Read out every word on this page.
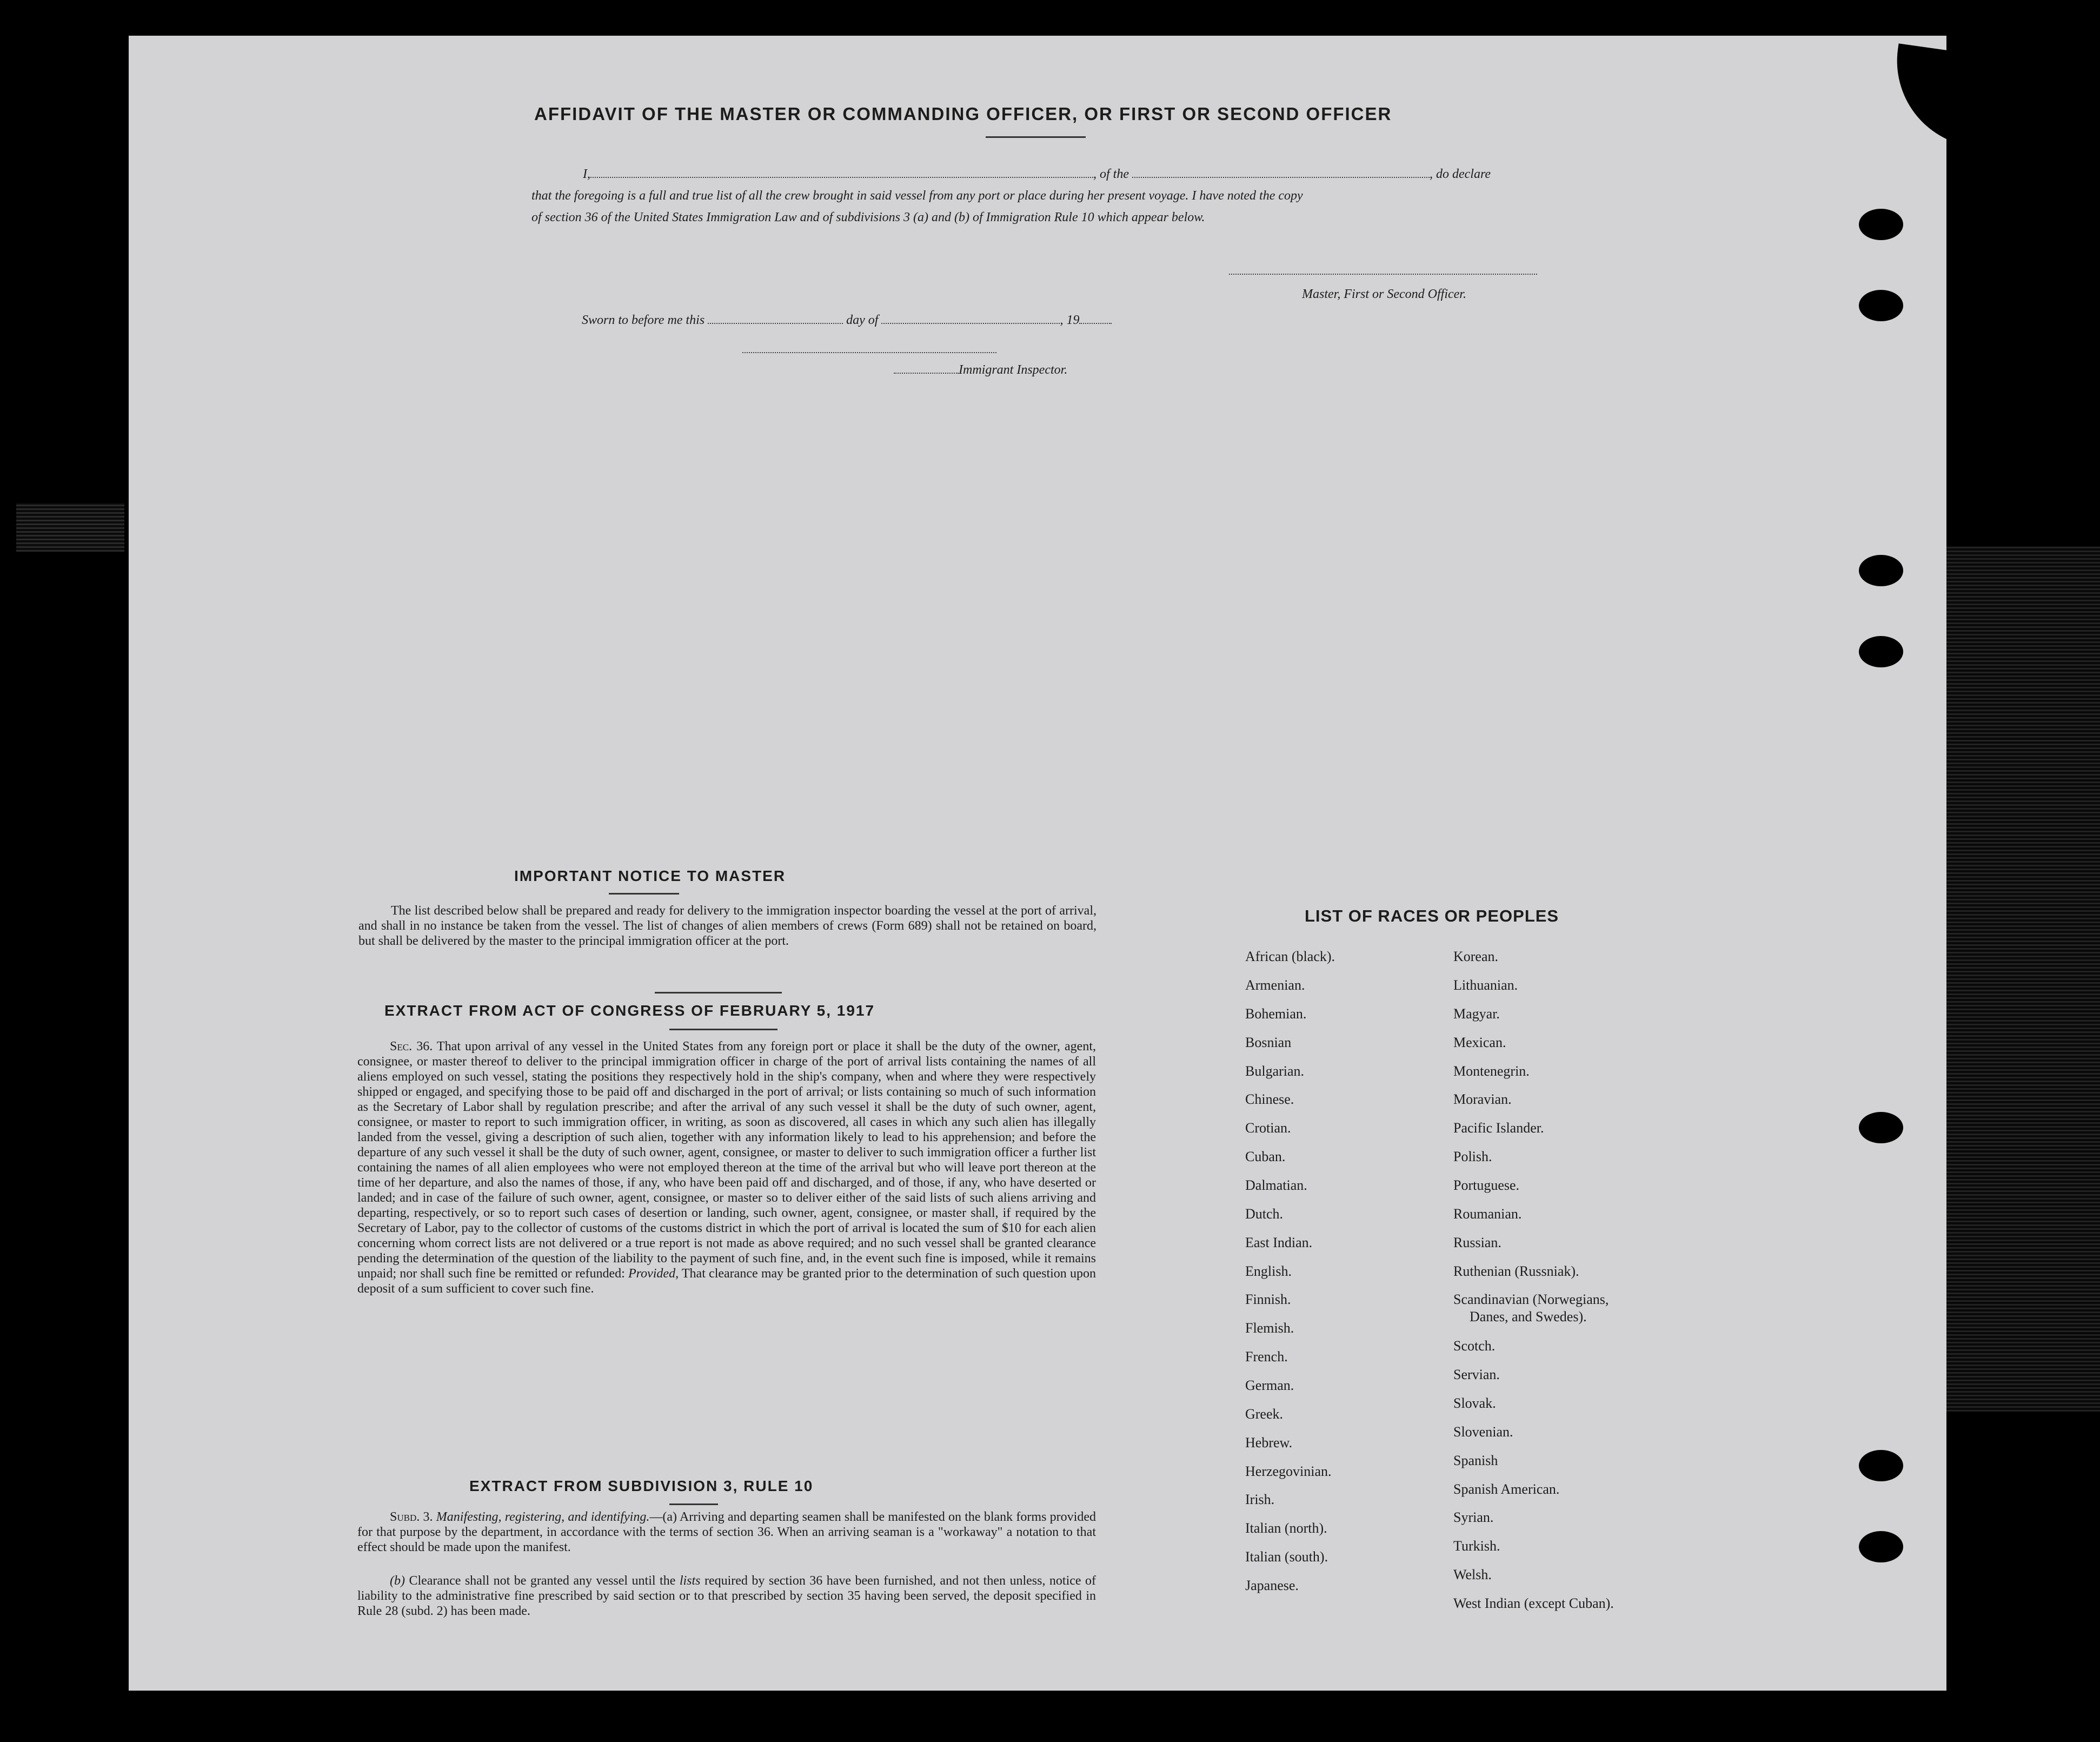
AFFIDAVIT OF THE MASTER OR COMMANDING OFFICER, OR FIRST OR SECOND OFFICER
I,	, of the	, do declare
that the foregoing is a full and true list of all the crew brought in said vessel from any port or place during her present voyage. I have noted the copy
of section 36 of the United States Immigration Law and of subdivisions 3 (a) and (b) of Immigration Rule 10 which appear below.
Master, First or Second Officer.
Sworn to before me this	day of	, 19
Immigrant Inspector.
IMPORTANT NOTICE TO MASTER
The list described below shall be prepared and ready for delivery to the immigration inspector boarding the vessel at the port of arrival, and shall in no instance be taken from the vessel. The list of changes of alien members of crews (Form 689) shall not be retained on board, but shall be delivered by the master to the principal immigration officer at the port.
EXTRACT FROM ACT OF CONGRESS OF FEBRUARY 5, 1917
Sec. 36. That upon arrival of any vessel in the United States from any foreign port or place it shall be the duty of the owner, agent, consignee, or master thereof to deliver to the principal immigration officer in charge of the port of arrival lists containing the names of all aliens employed on such vessel, stating the positions they respectively hold in the ship's company, when and where they were respectively shipped or engaged, and specifying those to be paid off and discharged in the port of arrival; or lists containing so much of such information as the Secretary of Labor shall by regulation prescribe; and after the arrival of any such vessel it shall be the duty of such owner, agent, consignee, or master to report to such immigration officer, in writing, as soon as discovered, all cases in which any such alien has illegally landed from the vessel, giving a description of such alien, together with any information likely to lead to his apprehension; and before the departure of any such vessel it shall be the duty of such owner, agent, consignee, or master to deliver to such immigration officer a further list containing the names of all alien employees who were not employed thereon at the time of the arrival but who will leave port thereon at the time of her departure, and also the names of those, if any, who have been paid off and discharged, and of those, if any, who have deserted or landed; and in case of the failure of such owner, agent, consignee, or master so to deliver either of the said lists of such aliens arriving and departing, respectively, or so to report such cases of desertion or landing, such owner, agent, consignee, or master shall, if required by the Secretary of Labor, pay to the collector of customs of the customs district in which the port of arrival is located the sum of $10 for each alien concerning whom correct lists are not delivered or a true report is not made as above required; and no such vessel shall be granted clearance pending the determination of the question of the liability to the payment of such fine, and, in the event such fine is imposed, while it remains unpaid; nor shall such fine be remitted or refunded: Provided, That clearance may be granted prior to the determination of such question upon deposit of a sum sufficient to cover such fine.
EXTRACT FROM SUBDIVISION 3, RULE 10
Subd. 3. Manifesting, registering, and identifying.—(a) Arriving and departing seamen shall be manifested on the blank forms provided for that purpose by the department, in accordance with the terms of section 36. When an arriving seaman is a "workaway" a notation to that effect should be made upon the manifest.
(b) Clearance shall not be granted any vessel until the lists required by section 36 have been furnished, and not then unless, notice of liability to the administrative fine prescribed by said section or to that prescribed by section 35 having been served, the deposit specified in Rule 28 (subd. 2) has been made.
LIST OF RACES OR PEOPLES
African (black).
Armenian.
Bohemian.
Bosnian
Bulgarian.
Chinese.
Crotian.
Cuban.
Dalmatian.
Dutch.
East Indian.
English.
Finnish.
Flemish.
French.
German.
Greek.
Hebrew.
Herzegovinian.
Irish.
Italian (north).
Italian (south).
Japanese.
Korean.
Lithuanian.
Magyar.
Mexican.
Montenegrin.
Moravian.
Pacific Islander.
Polish.
Portuguese.
Roumanian.
Russian.
Ruthenian (Russniak).
Scandinavian (Norwegians,
Danes, and Swedes).
Scotch.
Servian.
Slovak.
Slovenian.
Spanish
Spanish American.
Syrian.
Turkish.
Welsh.
West Indian (except Cuban).
